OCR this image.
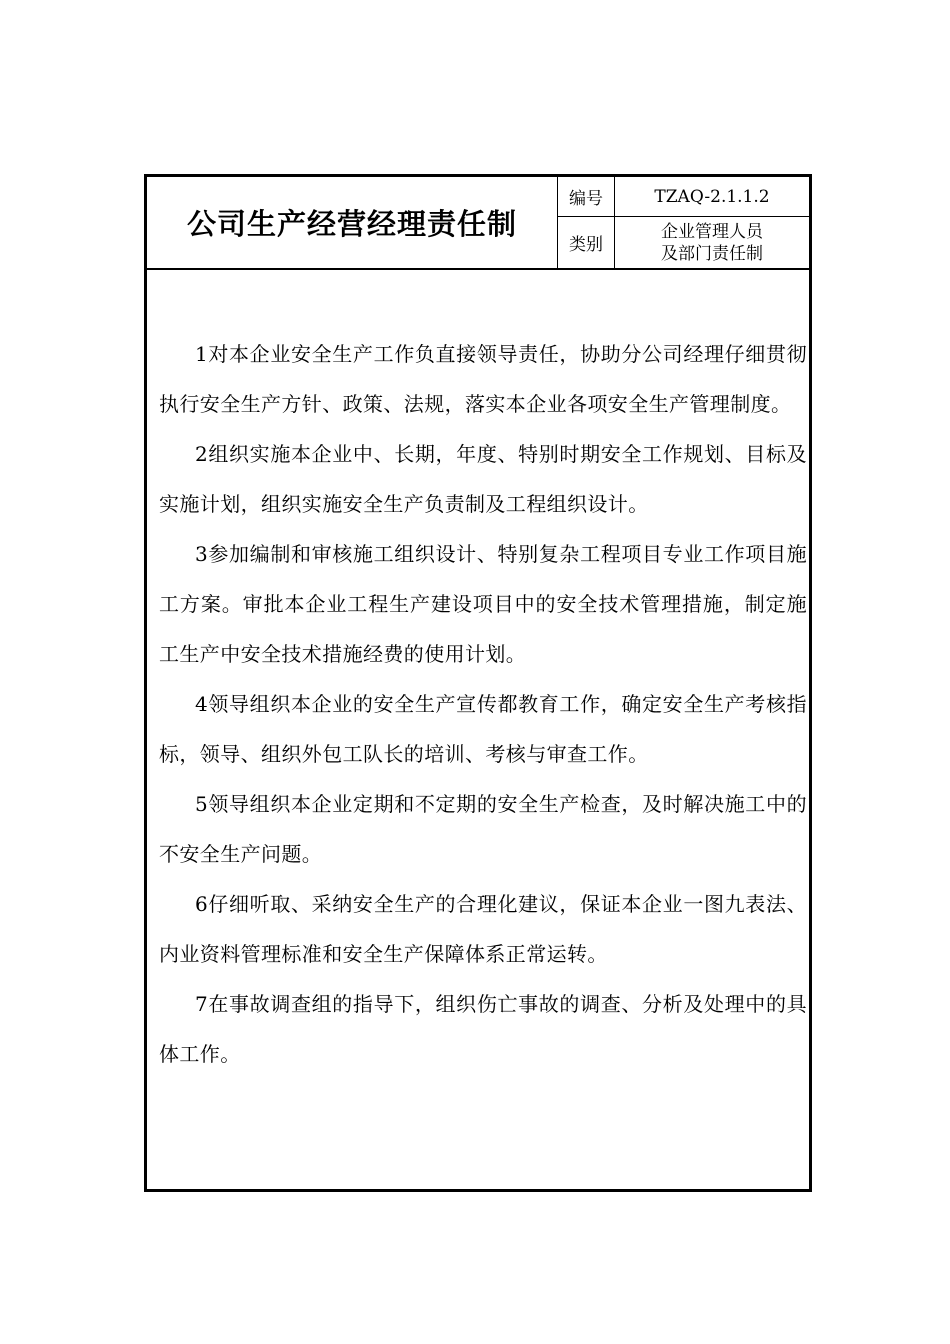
公司生产经营经理责任制
编号	TZAQ-2.1.1.2
类别
企业管理人员
及部门责任制

1对本企业安全生产工作负直接领导责任，协助分公司经理仔细贯彻执行安全生产方针、政策、法规，落实本企业各项安全生产管理制度。

2组织实施本企业中、长期，年度、特别时期安全工作规划、目标及实施计划，组织实施安全生产负责制及工程组织设计。

3参加编制和审核施工组织设计、特别复杂工程项目专业工作项目施工方案。审批本企业工程生产建设项目中的安全技术管理措施，制定施工生产中安全技术措施经费的使用计划。

4领导组织本企业的安全生产宣传都教育工作，确定安全生产考核指标，领导、组织外包工队长的培训、考核与审查工作。

5领导组织本企业定期和不定期的安全生产检查，及时解决施工中的不安全生产问题。

6仔细听取、采纳安全生产的合理化建议，保证本企业一图九表法、内业资料管理标准和安全生产保障体系正常运转。

7在事故调查组的指导下，组织伤亡事故的调查、分析及处理中的具体工作。
